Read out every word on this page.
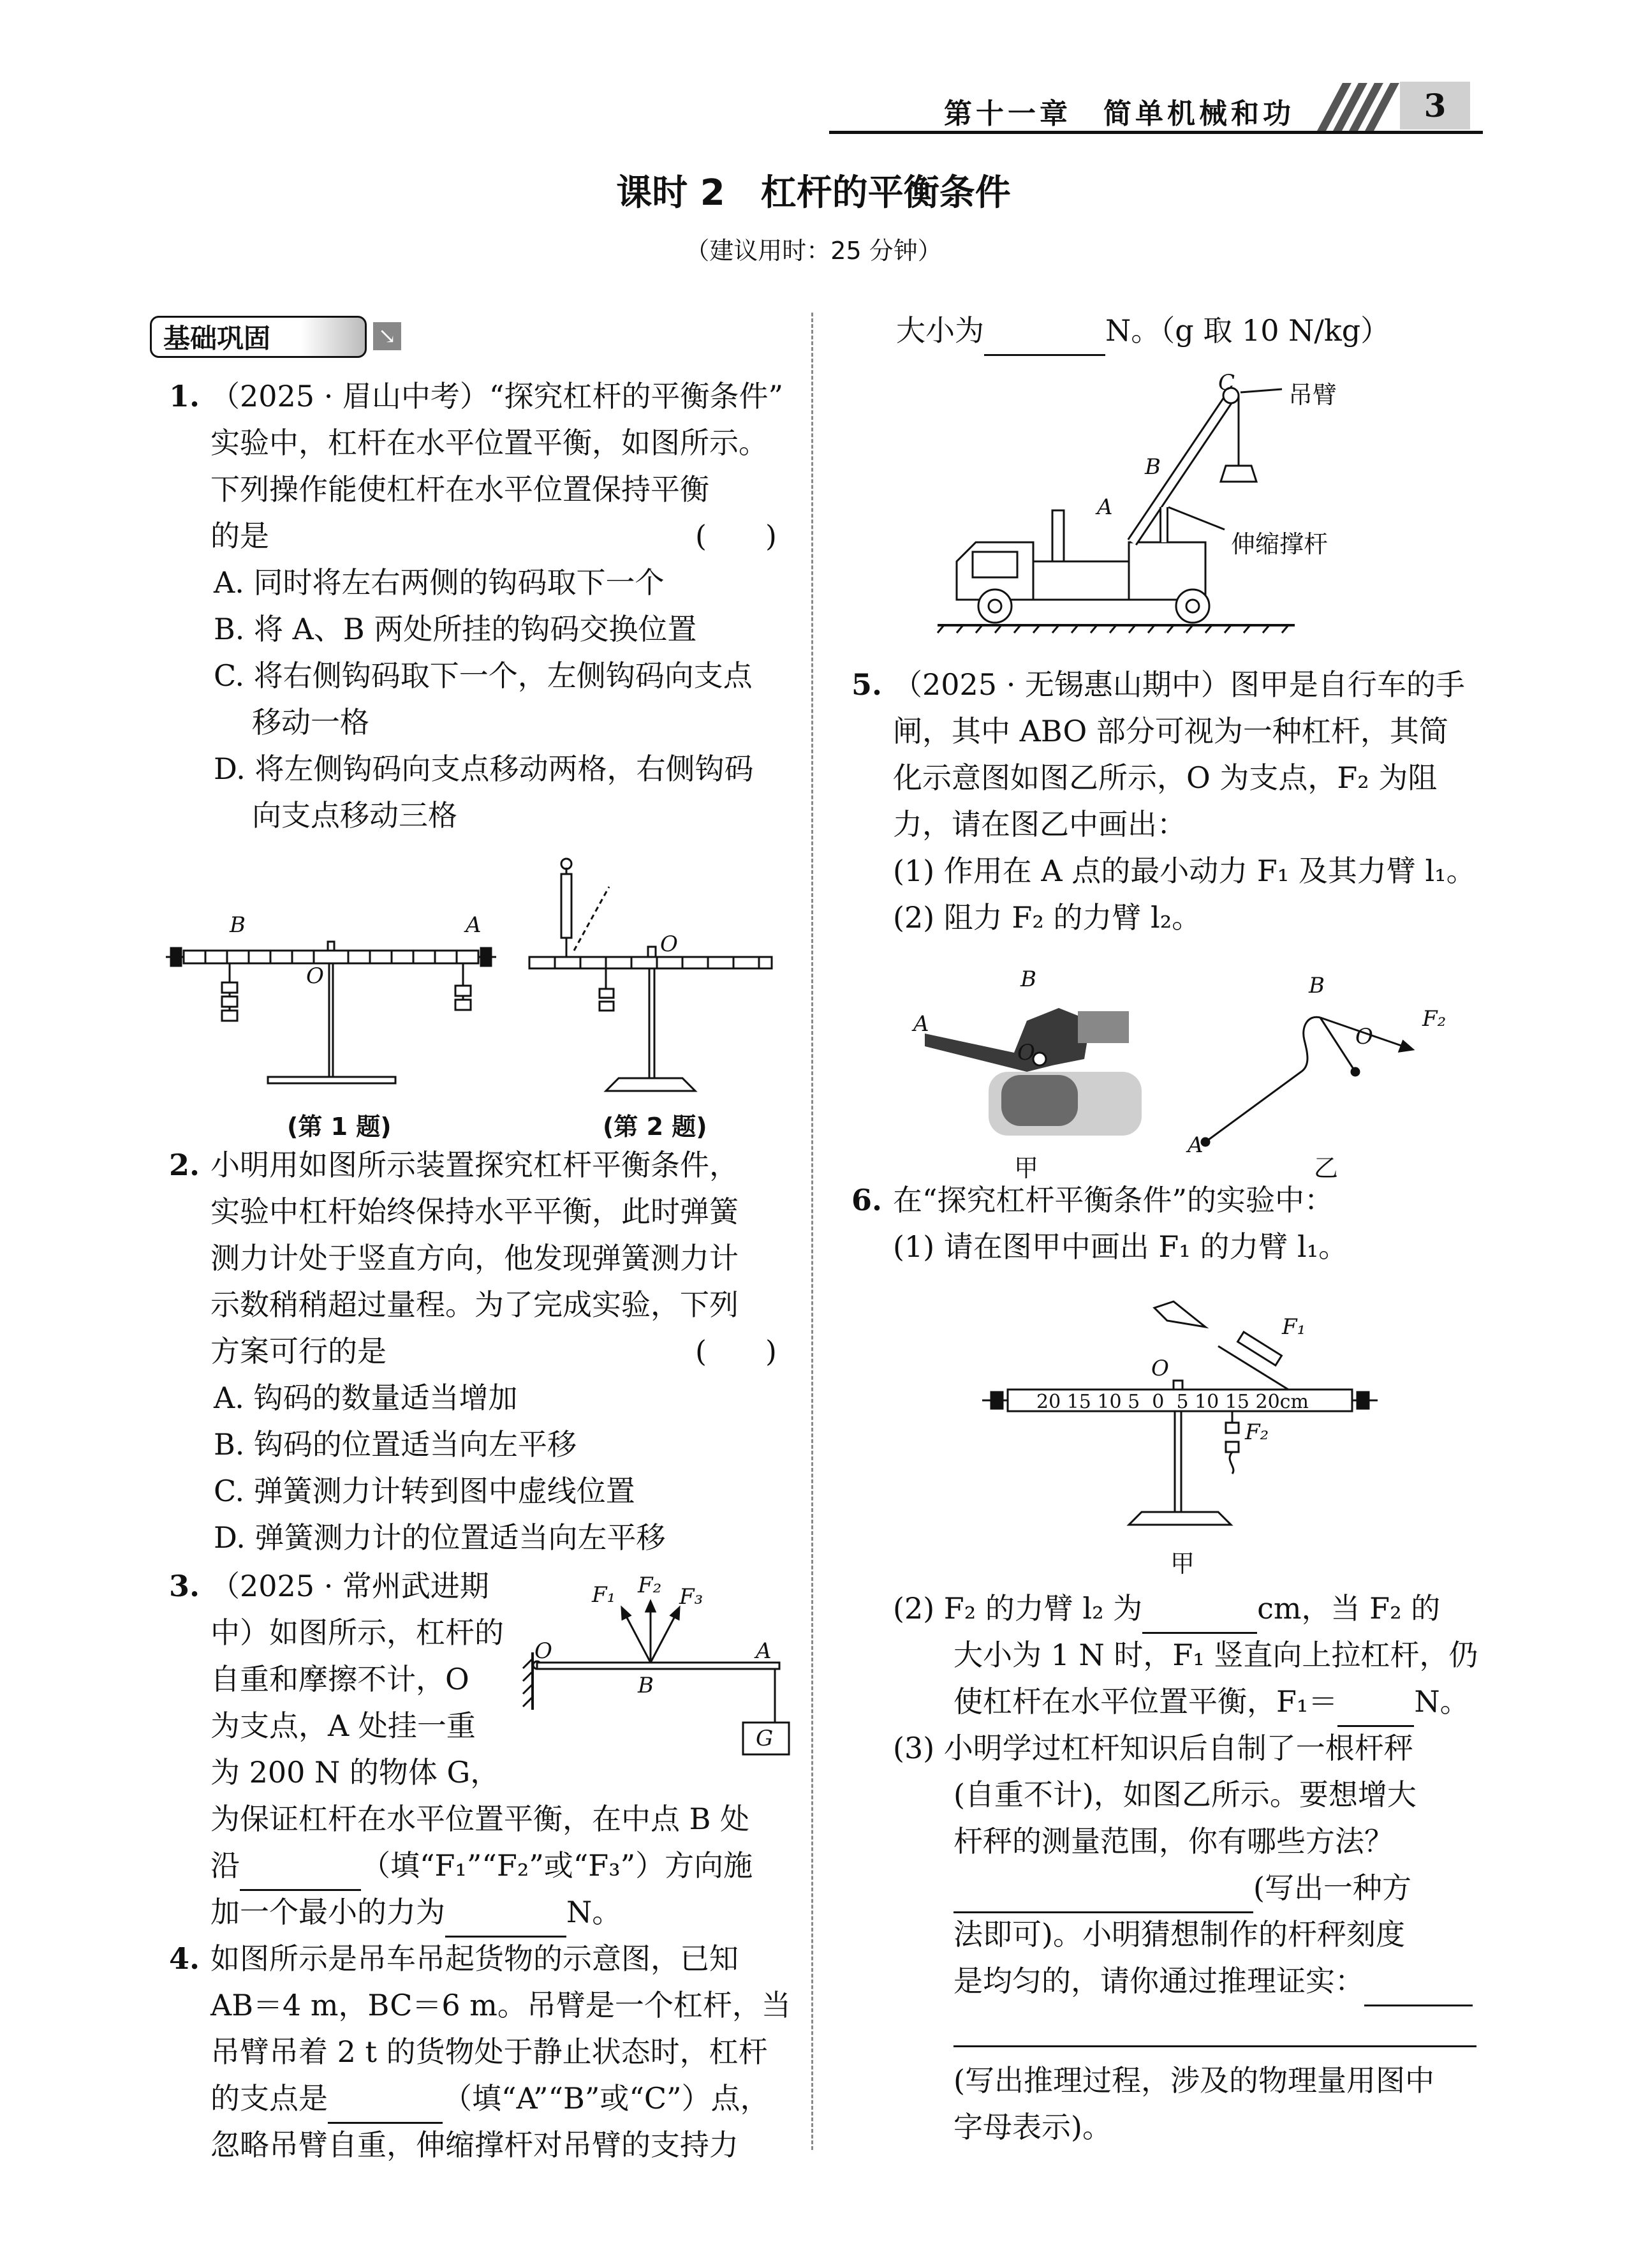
第十一章　简单机械和功	3
课时 2　杠杆的平衡条件
（建议用时：25 分钟）
基础巩固	↘
1. （2025 · 眉山中考）“探究杠杆的平衡条件”
实验中，杠杆在水平位置平衡，如图所示。
下列操作能使杠杆在水平位置保持平衡
的是	(　　)
A. 同时将左右两侧的钩码取下一个
B. 将 A、B 两处所挂的钩码交换位置
C. 将右侧钩码取下一个，左侧钩码向支点
移动一格
D. 将左侧钩码向支点移动两格，右侧钩码
向支点移动三格
B	A
O
O
(第 1 题)	(第 2 题)
2. 小明用如图所示装置探究杠杆平衡条件，
实验中杠杆始终保持水平平衡，此时弹簧
测力计处于竖直方向，他发现弹簧测力计
示数稍稍超过量程。为了完成实验，下列
方案可行的是	(　　)
A. 钩码的数量适当增加
B. 钩码的位置适当向左平移
C. 弹簧测力计转到图中虚线位置
D. 弹簧测力计的位置适当向左平移
3. （2025 · 常州武进期
中）如图所示，杠杆的
自重和摩擦不计，O
为支点，A 处挂一重
为 200 N 的物体 G，
为保证杠杆在水平位置平衡，在中点 B 处
沿	（填“F₁”“F₂”或“F₃”）方向施
加一个最小的力为	N。
F₁ F₂ F₃
O	A
B
G
4. 如图所示是吊车吊起货物的示意图，已知
AB＝4 m，BC＝6 m。吊臂是一个杠杆，当
吊臂吊着 2 t 的货物处于静止状态时，杠杆
的支点是	（填“A”“B”或“C”）点，
忽略吊臂自重，伸缩撑杆对吊臂的支持力
大小为	N。（g 取 10 N/kg）
C
B
A
吊臂
伸缩撑杆
5. （2025 · 无锡惠山期中）图甲是自行车的手
闸，其中 ABO 部分可视为一种杠杆，其简
化示意图如图乙所示，O 为支点，F₂ 为阻
力，请在图乙中画出：
(1) 作用在 A 点的最小动力 F₁ 及其力臂 l₁。
(2) 阻力 F₂ 的力臂 l₂。
A
B
O
B
O
A
F₂
甲	乙
6. 在“探究杠杆平衡条件”的实验中：
(1) 请在图甲中画出 F₁ 的力臂 l₁。
F₁
O
20 15 10 5  0  5 10 15 20cm
F₂
甲
(2) F₂ 的力臂 l₂ 为	cm，当 F₂ 的
大小为 1 N 时，F₁ 竖直向上拉杠杆，仍
使杠杆在水平位置平衡，F₁＝	N。
(3) 小明学过杠杆知识后自制了一根杆秤
(自重不计)，如图乙所示。要想增大
杆秤的测量范围，你有哪些方法？
(写出一种方
法即可)。小明猜想制作的杆秤刻度
是均匀的，请你通过推理证实：
(写出推理过程，涉及的物理量用图中
字母表示)。
